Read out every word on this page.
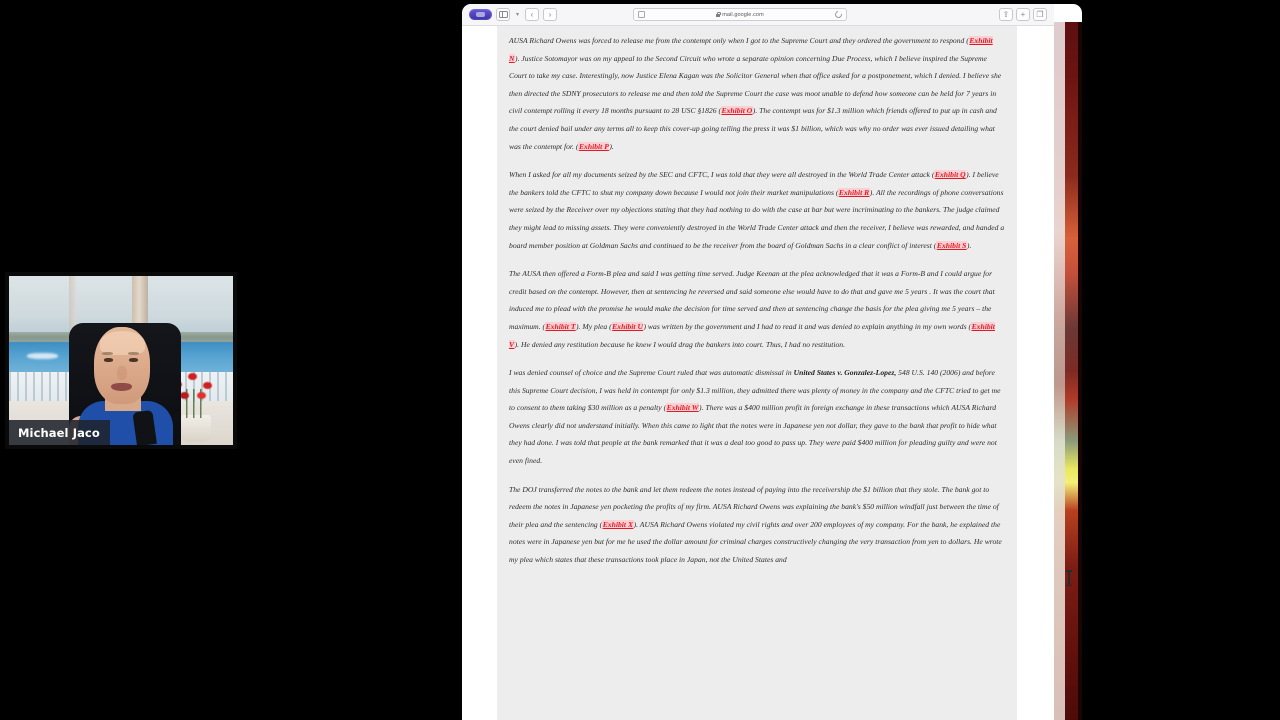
▾	‹	›	mail.google.com	⇪	+	❐

AUSA Richard Owens was forced to release me from the contempt only when I got to the Supreme Court and they ordered the government to respond (Exhibit N). Justice Sotomayor was on my appeal to the Second Circuit who wrote a separate opinion concerning Due Process, which I believe inspired the Supreme Court to take my case. Interestingly, now Justice Elena Kagan was the Solicitor General when that office asked for a postponement, which I denied. I believe she then directed the SDNY prosecutors to release me and then told the Supreme Court the case was moot unable to defend how someone can be held for 7 years in civil contempt rolling it every 18 months pursuant to 28 USC §1826 (Exhibit O). The contempt was for $1.3 million which friends offered to put up in cash and the court denied bail under any terms all to keep this cover-up going telling the press it was $1 billion, which was why no order was ever issued detailing what was the contempt for. (Exhibit P).

When I asked for all my documents seized by the SEC and CFTC, I was told that they were all destroyed in the World Trade Center attack (Exhibit Q). I believe the bankers told the CFTC to shut my company down because I would not join their market manipulations (Exhibit R). All the recordings of phone conversations were seized by the Receiver over my objections stating that they had nothing to do with the case at bar but were incriminating to the bankers. The judge claimed they might lead to missing assets. They were conveniently destroyed in the World Trade Center attack and then the receiver, I believe was rewarded, and handed a board member position at Goldman Sachs and continued to be the receiver from the board of Goldman Sachs in a clear conflict of interest (Exhibit S).

The AUSA then offered a Form-B plea and said I was getting time served. Judge Keenan at the plea acknowledged that it was a Form-B and I could argue for credit based on the contempt. However, then at sentencing he reversed and said someone else would have to do that and gave me 5 years . It was the court that induced me to plead with the promise he would make the decision for time served and then at sentencing change the basis for the plea giving me 5 years – the maximum. (Exhibit T). My plea (Exhibit U) was written by the government and I had to read it and was denied to explain anything in my own words (Exhibit V). He denied any restitution because he knew I would drag the bankers into court. Thus, I had no restitution.

I was denied counsel of choice and the Supreme Court ruled that was automatic dismissal in United States v. Gonzalez-Lopez, 548 U.S. 140 (2006) and before this Supreme Court decision, I was held in contempt for only $1.3 million, they admitted there was plenty of money in the company and the CFTC tried to get me to consent to them taking $30 million as a penalty (Exhibit W). There was a $400 million profit in foreign exchange in these transactions which AUSA Richard Owens clearly did not understand initially. When this came to light that the notes were in Japanese yen not dollar, they gave to the bank that profit to hide what they had done. I was told that people at the bank remarked that it was a deal too good to pass up. They were paid $400 million for pleading guilty and were not even fined.

The DOJ transferred the notes to the bank and let them redeem the notes instead of paying into the receivership the $1 billion that they stole. The bank got to redeem the notes in Japanese yen pocketing the profits of my firm. AUSA Richard Owens was explaining the bank's $50 million windfall just between the time of their plea and the sentencing (Exhibit X). AUSA Richard Owens violated my civil rights and over 200 employees of my company. For the bank, he explained the notes were in Japanese yen but for me he used the dollar amount for criminal charges constructively changing the very transaction from yen to dollars. He wrote my plea which states that these transactions took place in Japan, not the United States and

Michael Jaco
